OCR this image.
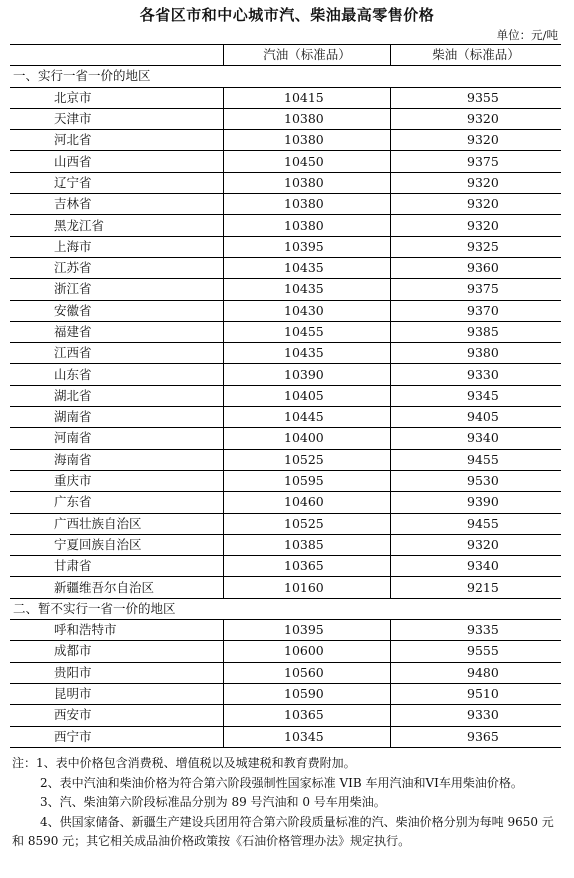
各省区市和中心城市汽、柴油最高零售价格
单位：元/吨
	汽油（标准品）	柴油（标准品）
一、实行一省一价的地区		
北京市	10415	9355
天津市	10380	9320
河北省	10380	9320
山西省	10450	9375
辽宁省	10380	9320
吉林省	10380	9320
黑龙江省	10380	9320
上海市	10395	9325
江苏省	10435	9360
浙江省	10435	9375
安徽省	10430	9370
福建省	10455	9385
江西省	10435	9380
山东省	10390	9330
湖北省	10405	9345
湖南省	10445	9405
河南省	10400	9340
海南省	10525	9455
重庆市	10595	9530
广东省	10460	9390
广西壮族自治区	10525	9455
宁夏回族自治区	10385	9320
甘肃省	10365	9340
新疆维吾尔自治区	10160	9215
二、暂不实行一省一价的地区		
呼和浩特市	10395	9335
成都市	10600	9555
贵阳市	10560	9480
昆明市	10590	9510
西安市	10365	9330
西宁市	10345	9365

注：1、表中价格包含消费税、增值税以及城建税和教育费附加。

2、表中汽油和柴油价格为符合第六阶段强制性国家标准 VIB 车用汽油和VI车用柴油价格。

3、汽、柴油第六阶段标准品分别为 89 号汽油和 0 号车用柴油。

4、供国家储备、新疆生产建设兵团用符合第六阶段质量标准的汽、柴油价格分别为每吨 9650 元和 8590 元；其它相关成品油价格政策按《石油价格管理办法》规定执行。
